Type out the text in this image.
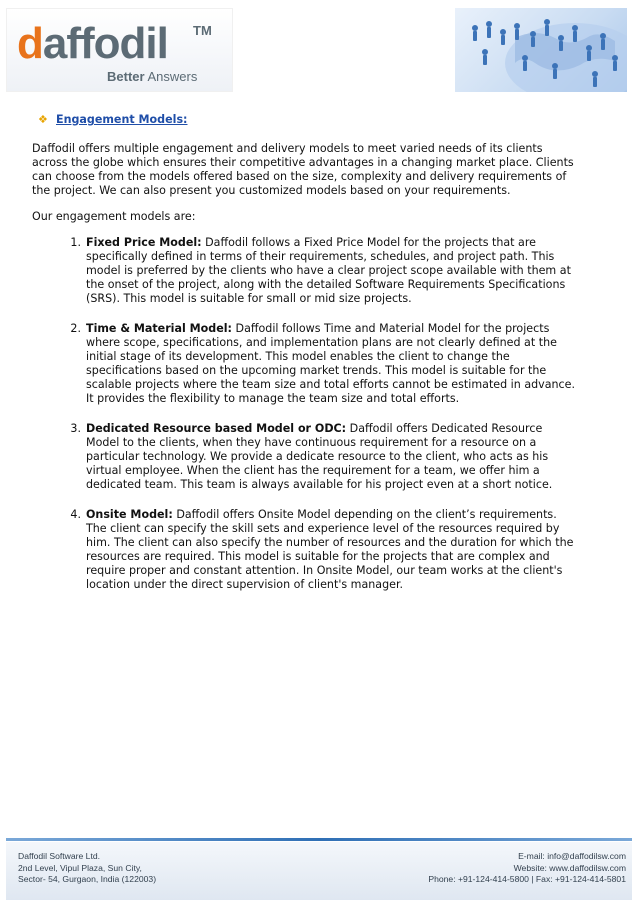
daffodil TM
Better Answers
❖ Engagement Models:
Daffodil offers multiple engagement and delivery models to meet varied needs of its clients across the globe which ensures their competitive advantages in a changing market place. Clients can choose from the models offered based on the size, complexity and delivery requirements of the project. We can also present you customized models based on your requirements.
Our engagement models are:
1. Fixed Price Model: Daffodil follows a Fixed Price Model for the projects that are specifically defined in terms of their requirements, schedules, and project path. This model is preferred by the clients who have a clear project scope available with them at the onset of the project, along with the detailed Software Requirements Specifications (SRS). This model is suitable for small or mid size projects.
2. Time & Material Model: Daffodil follows Time and Material Model for the projects where scope, specifications, and implementation plans are not clearly defined at the initial stage of its development. This model enables the client to change the specifications based on the upcoming market trends. This model is suitable for the scalable projects where the team size and total efforts cannot be estimated in advance. It provides the flexibility to manage the team size and total efforts.
3. Dedicated Resource based Model or ODC: Daffodil offers Dedicated Resource Model to the clients, when they have continuous requirement for a resource on a particular technology. We provide a dedicate resource to the client, who acts as his virtual employee. When the client has the requirement for a team, we offer him a dedicated team. This team is always available for his project even at a short notice.
4. Onsite Model: Daffodil offers Onsite Model depending on the client’s requirements. The client can specify the skill sets and experience level of the resources required by him. The client can also specify the number of resources and the duration for which the resources are required. This model is suitable for the projects that are complex and require proper and constant attention. In Onsite Model, our team works at the client's location under the direct supervision of client's manager.
Daffodil Software Ltd.
2nd Level, Vipul Plaza, Sun City,
Sector- 54, Gurgaon, India (122003)
E-mail: info@daffodilsw.com
Website: www.daffodilsw.com
Phone: +91-124-414-5800 | Fax: +91-124-414-5801
